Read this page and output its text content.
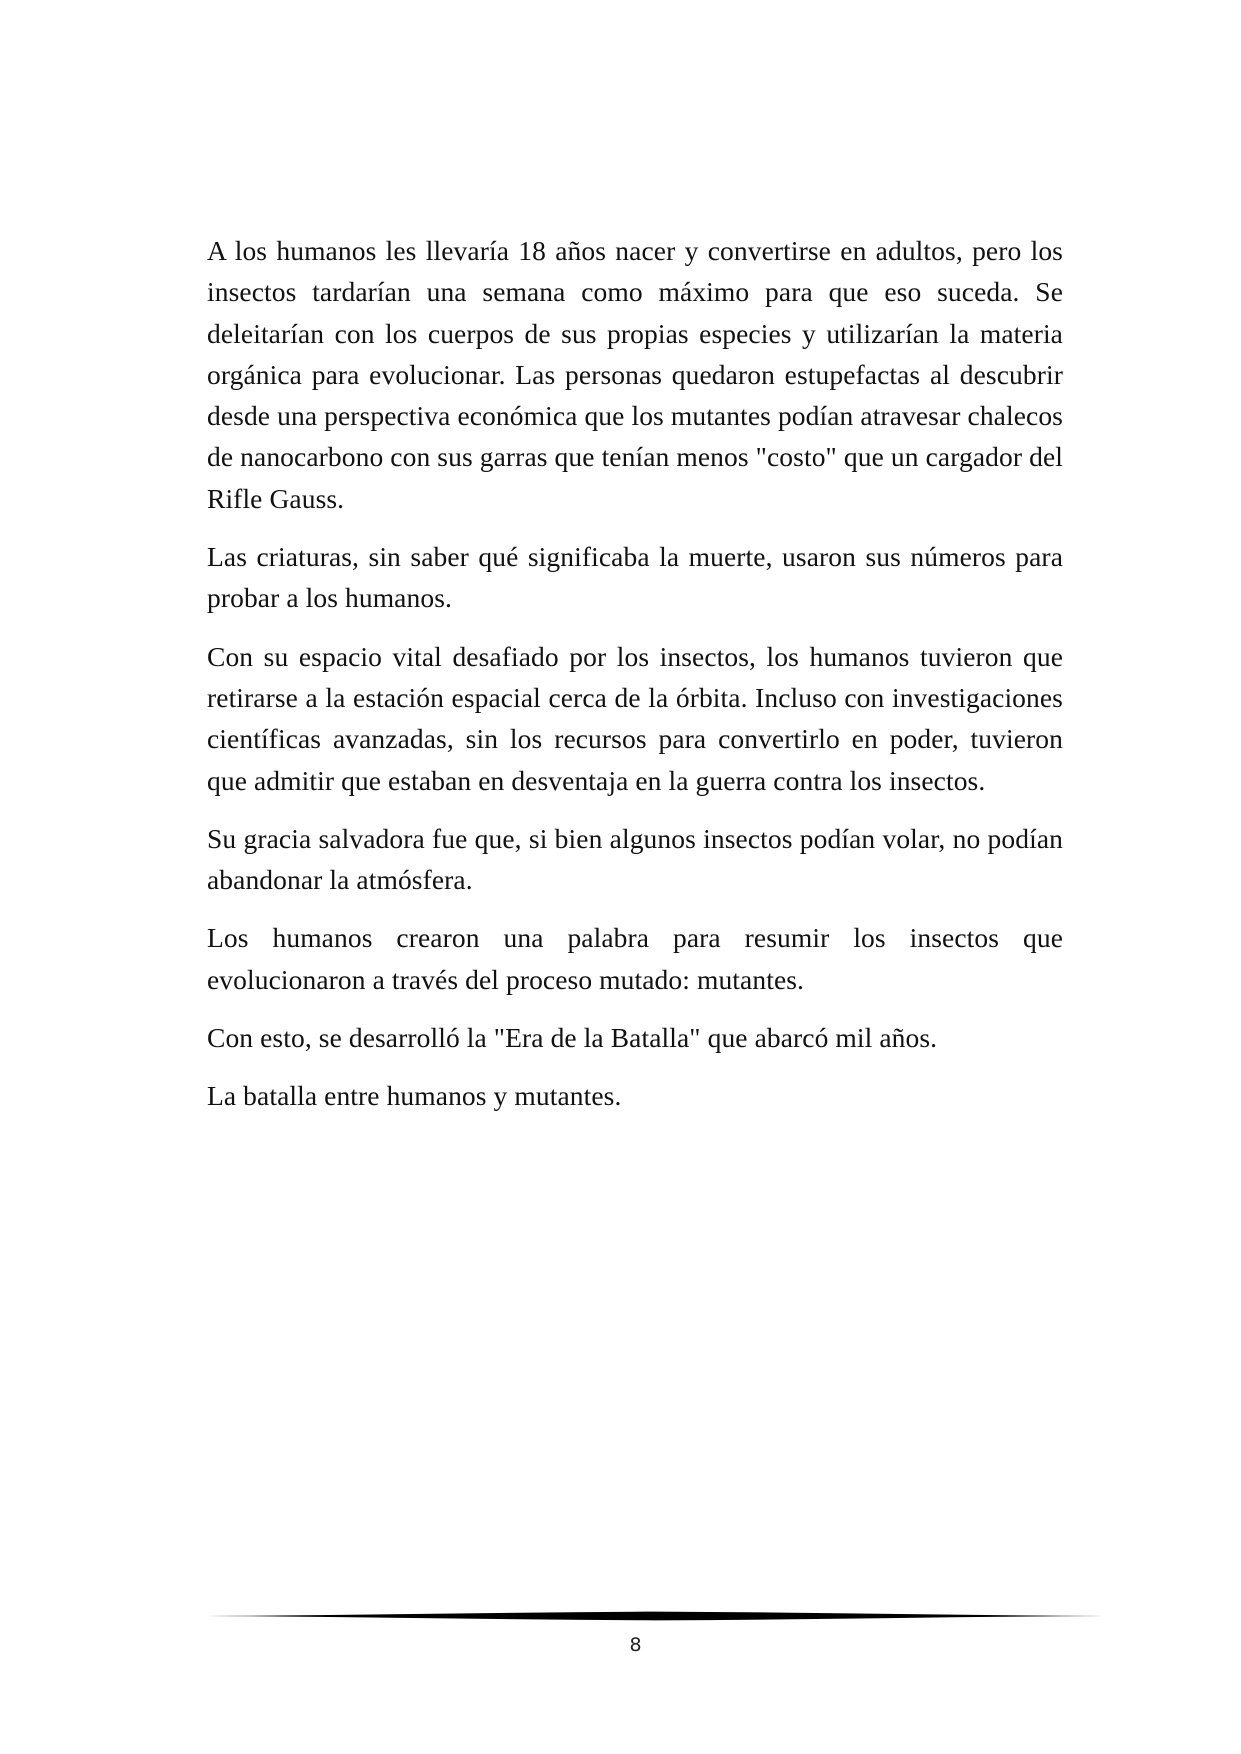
A los humanos les llevaría 18 años nacer y convertirse en adultos, pero los insectos tardarían una semana como máximo para que eso suceda. Se deleitarían con los cuerpos de sus propias especies y utilizarían la materia orgánica para evolucionar. Las personas quedaron estupefactas al descubrir desde una perspectiva económica que los mutantes podían atravesar chalecos de nanocarbono con sus garras que tenían menos "costo" que un cargador del Rifle Gauss.

Las criaturas, sin saber qué significaba la muerte, usaron sus números para probar a los humanos.

Con su espacio vital desafiado por los insectos, los humanos tuvieron que retirarse a la estación espacial cerca de la órbita. Incluso con investigaciones científicas avanzadas, sin los recursos para convertirlo en poder, tuvieron que admitir que estaban en desventaja en la guerra contra los insectos.

Su gracia salvadora fue que, si bien algunos insectos podían volar, no podían abandonar la atmósfera.

Los humanos crearon una palabra para resumir los insectos que evolucionaron a través del proceso mutado: mutantes.

Con esto, se desarrolló la "Era de la Batalla" que abarcó mil años.

La batalla entre humanos y mutantes.

8
